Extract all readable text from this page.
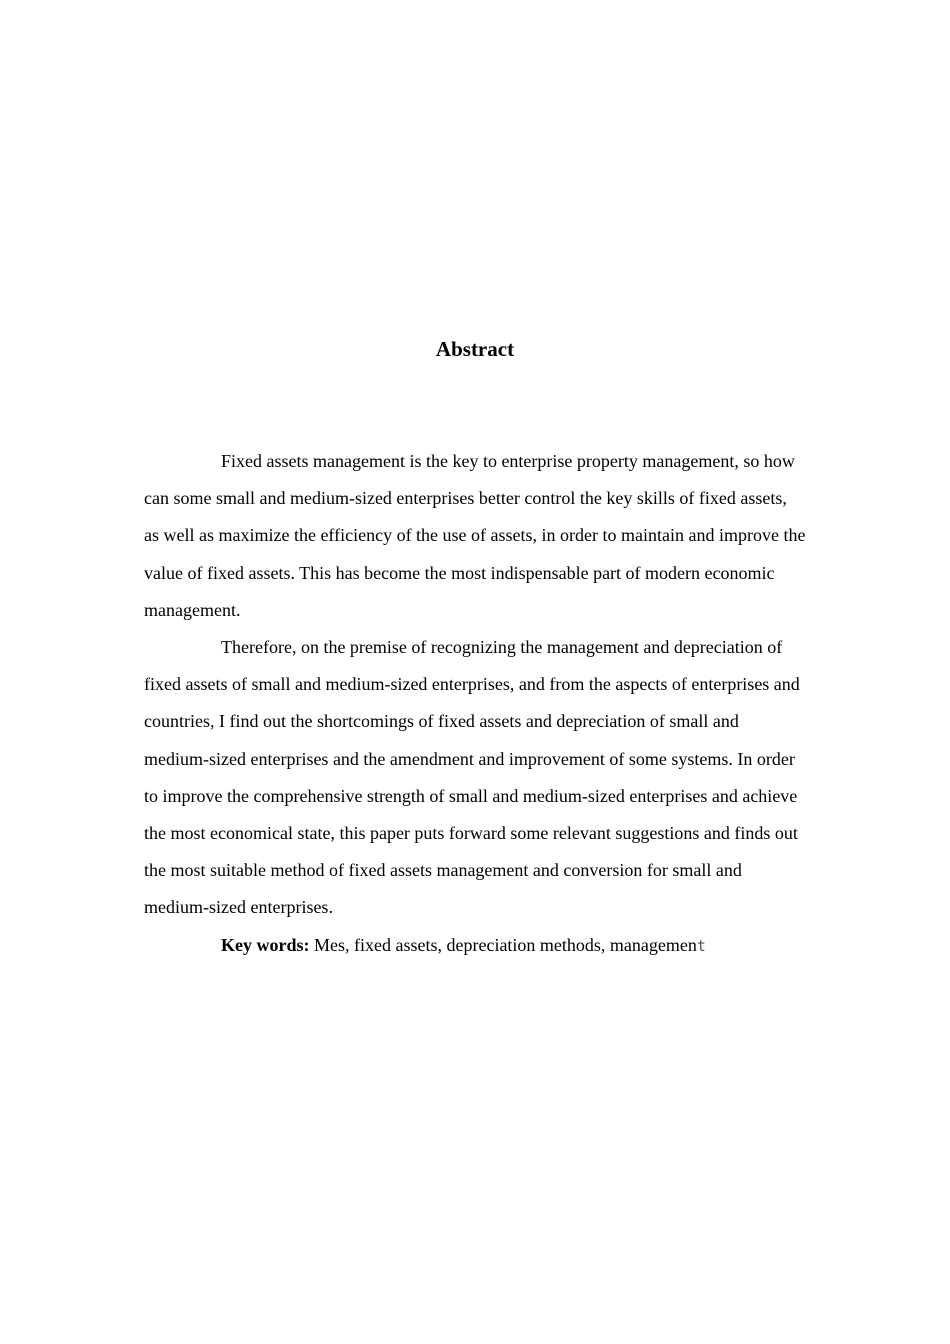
Abstract

Fixed assets management is the key to enterprise property management, so how can some small and medium-sized enterprises better control the key skills of fixed assets, as well as maximize the efficiency of the use of assets, in order to maintain and improve the value of fixed assets. This has become the most indispensable part of modern economic management.

Therefore, on the premise of recognizing the management and depreciation of fixed assets of small and medium-sized enterprises, and from the aspects of enterprises and countries, I find out the shortcomings of fixed assets and depreciation of small and medium-sized enterprises and the amendment and improvement of some systems. In order to improve the comprehensive strength of small and medium-sized enterprises and achieve the most economical state, this paper puts forward some relevant suggestions and finds out the most suitable method of fixed assets management and conversion for small and medium-sized enterprises.

Key words: Mes, fixed assets, depreciation methods, management
